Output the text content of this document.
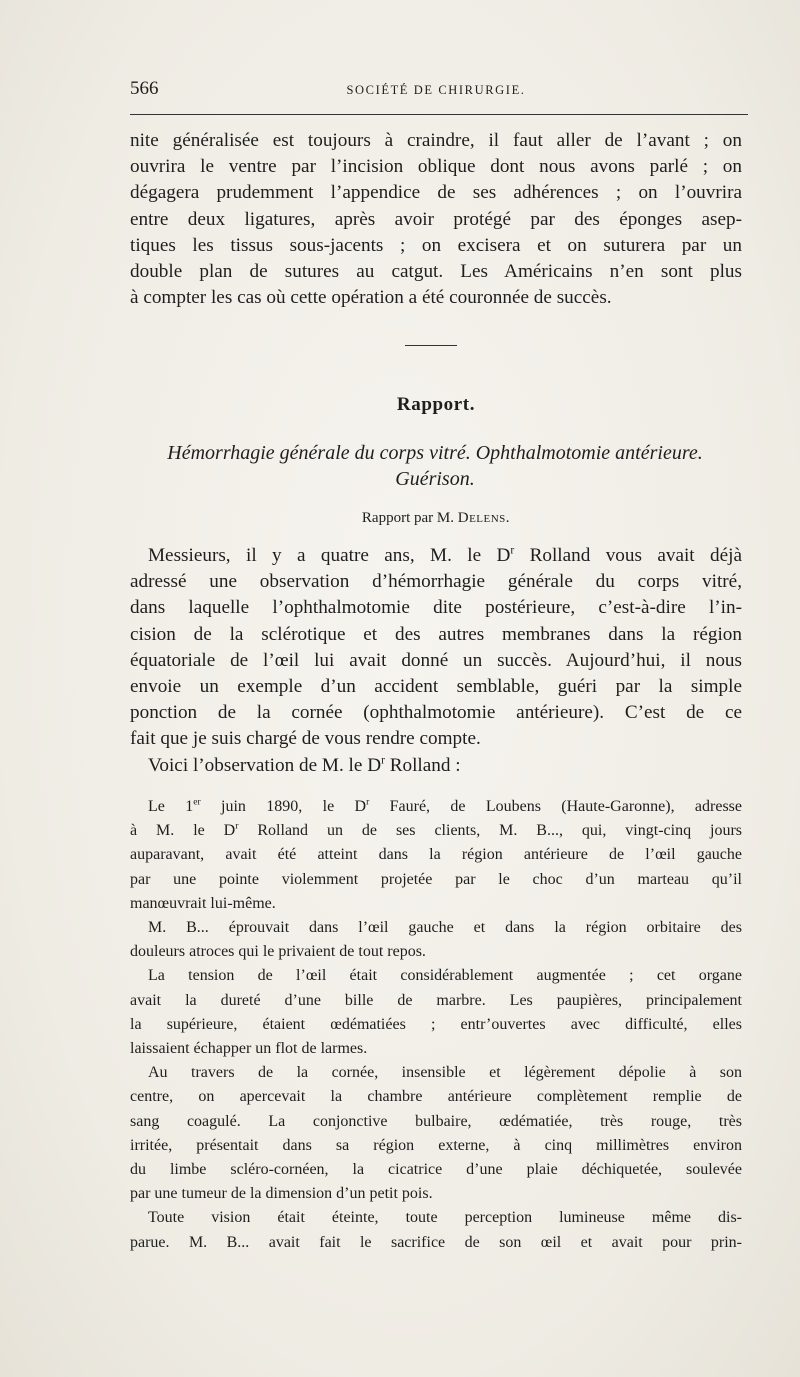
566	SOCIÉTÉ DE CHIRURGIE.
nite généralisée est toujours à craindre, il faut aller de l’avant ; on
ouvrira le ventre par l’incision oblique dont nous avons parlé ; on
dégagera prudemment l’appendice de ses adhérences ; on l’ouvrira
entre deux ligatures, après avoir protégé par des éponges asep-
tiques les tissus sous-jacents ; on excisera et on suturera par un
double plan de sutures au catgut. Les Américains n’en sont plus
à compter les cas où cette opération a été couronnée de succès.
Rapport.
Hémorrhagie générale du corps vitré. Ophthalmotomie antérieure.
Guérison.
Rapport par M. Delens.
Messieurs, il y a quatre ans, M. le $D^r$ Rolland vous avait déjà
adressé une observation d’hémorrhagie générale du corps vitré,
dans laquelle l’ophthalmotomie dite postérieure, c’est-à-dire l’in-
cision de la sclérotique et des autres membranes dans la région
équatoriale de l’œil lui avait donné un succès. Aujourd’hui, il nous
envoie un exemple d’un accident semblable, guéri par la simple
ponction de la cornée (ophthalmotomie antérieure). C’est de ce
fait que je suis chargé de vous rendre compte.
Voici l’observation de M. le $D^r$ Rolland :
Le 1er juin 1890, le $D^r$ Fauré, de Loubens (Haute-Garonne), adresse
à M. le $D^r$ Rolland un de ses clients, M. B..., qui, vingt-cinq jours
auparavant, avait été atteint dans la région antérieure de l’œil gauche
par une pointe violemment projetée par le choc d’un marteau qu’il
manœuvrait lui-même.
M. B... éprouvait dans l’œil gauche et dans la région orbitaire des
douleurs atroces qui le privaient de tout repos.
La tension de l’œil était considérablement augmentée ; cet organe
avait la dureté d’une bille de marbre. Les paupières, principalement
la supérieure, étaient œdématiées ; entr’ouvertes avec difficulté, elles
laissaient échapper un flot de larmes.
Au travers de la cornée, insensible et légèrement dépolie à son
centre, on apercevait la chambre antérieure complètement remplie de
sang coagulé. La conjonctive bulbaire, œdématiée, très rouge, très
irritée, présentait dans sa région externe, à cinq millimètres environ
du limbe scléro-cornéen, la cicatrice d’une plaie déchiquetée, soulevée
par une tumeur de la dimension d’un petit pois.
Toute vision était éteinte, toute perception lumineuse même dis-
parue. M. B... avait fait le sacrifice de son œil et avait pour prin-
